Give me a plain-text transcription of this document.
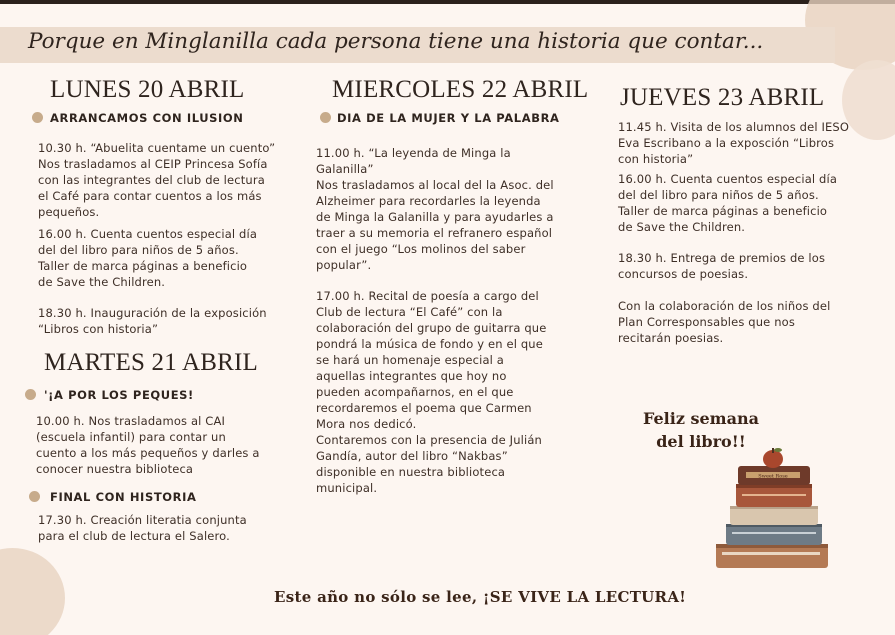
Porque en Minglanilla cada persona tiene una historia que contar...
LUNES 20 ABRIL
ARRANCAMOS CON ILUSION
10.30 h. “Abuelita cuentame un cuento”
Nos trasladamos al CEIP Princesa Sofía
con las integrantes del club de lectura
el Café para contar cuentos a los más
pequeños.
16.00 h. Cuenta cuentos especial día
del del libro para niños de 5 años.
Taller de marca páginas a beneficio
de Save the Children.
18.30 h. Inauguración de la exposición
“Libros con historia”
MARTES 21 ABRIL
'¡A POR LOS PEQUES!
10.00 h. Nos trasladamos al CAI
(escuela infantil) para contar un
cuento a los más pequeños y darles a
conocer nuestra biblioteca
FINAL CON HISTORIA
17.30 h. Creación literatia conjunta
para el club de lectura el Salero.
MIERCOLES 22 ABRIL
DIA DE LA MUJER Y LA PALABRA
11.00 h. “La leyenda de Minga la
Galanilla”
Nos trasladamos al local del la Asoc. del
Alzheimer para recordarles la leyenda
de Minga la Galanilla y para ayudarles a
traer a su memoria el refranero español
con el juego “Los molinos del saber
popular”.
17.00 h. Recital de poesía a cargo del
Club de lectura “El Café” con la
colaboración del grupo de guitarra que
pondrá la música de fondo y en el que
se hará un homenaje especial a
aquellas integrantes que hoy no
pueden acompañarnos, en el que
recordaremos el poema que Carmen
Mora nos dedicó.
Contaremos con la presencia de Julián
Gandía, autor del libro “Nakbas”
disponible en nuestra biblioteca
municipal.
JUEVES 23 ABRIL
11.45 h. Visita de los alumnos del IESO
Eva Escribano a la exposción “Libros
con historia”
16.00 h. Cuenta cuentos especial día
del del libro para niños de 5 años.
Taller de marca páginas a beneficio
de Save the Children.
18.30 h. Entrega de premios de los
concursos de poesias.
Con la colaboración de los niños del
Plan Corresponsables que nos
recitarán poesias.
Feliz semana
del libro!!
Sweet Rose
Este año no sólo se lee, ¡SE VIVE LA LECTURA!
